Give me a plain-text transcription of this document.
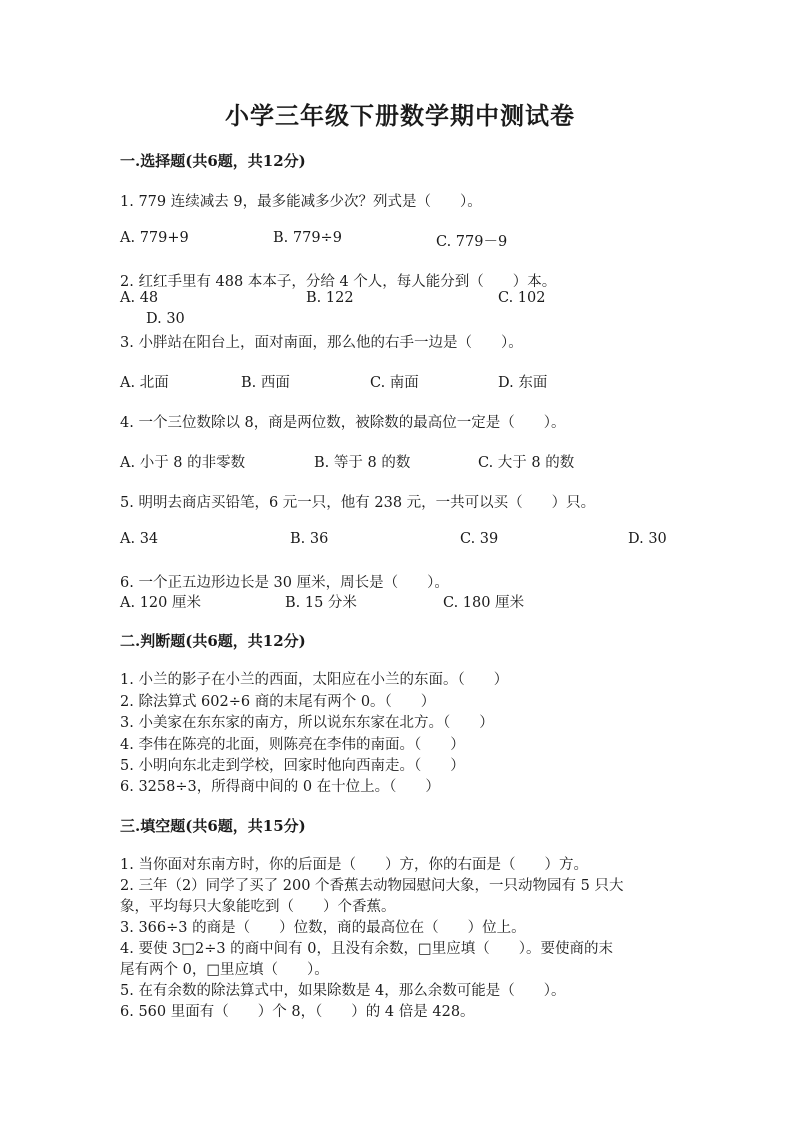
小学三年级下册数学期中测试卷
一.选择题(共6题，共12分)
1. 779 连续减去 9，最多能减多少次？列式是（　　）。
A. 779+9	B. 779÷9	C. 779－9
2. 红红手里有 488 本本子，分给 4 个人，每人能分到（　　）本。
A. 48	B. 122	C. 102
D. 30
3. 小胖站在阳台上，面对南面，那么他的右手一边是（　　）。
A. 北面	B. 西面	C. 南面	D. 东面
4. 一个三位数除以 8，商是两位数，被除数的最高位一定是（　　）。
A. 小于 8 的非零数	B. 等于 8 的数	C. 大于 8 的数
5. 明明去商店买铅笔，6 元一只，他有 238 元，一共可以买（　　）只。
A. 34	B. 36	C. 39	D. 30
6. 一个正五边形边长是 30 厘米，周长是（　　）。
A. 120 厘米	B. 15 分米	C. 180 厘米
二.判断题(共6题，共12分)
1. 小兰的影子在小兰的西面，太阳应在小兰的东面。（　　）
2. 除法算式 602÷6 商的末尾有两个 0。（　　）
3. 小美家在东东家的南方，所以说东东家在北方。（　　）
4. 李伟在陈亮的北面，则陈亮在李伟的南面。（　　）
5. 小明向东北走到学校，回家时他向西南走。（　　）
6. 3258÷3，所得商中间的 0 在十位上。（　　）
三.填空题(共6题，共15分)
1. 当你面对东南方时，你的后面是（　　）方，你的右面是（　　）方。
2. 三年（2）同学了买了 200 个香蕉去动物园慰问大象，一只动物园有 5 只大
象，平均每只大象能吃到（　　）个香蕉。
3. 366÷3 的商是（　　）位数，商的最高位在（　　）位上。
4. 要使 3□2÷3 的商中间有 0，且没有余数，□里应填（　　）。要使商的末
尾有两个 0，□里应填（　　）。
5. 在有余数的除法算式中，如果除数是 4，那么余数可能是（　　）。
6. 560 里面有（　　）个 8，（　　）的 4 倍是 428。
